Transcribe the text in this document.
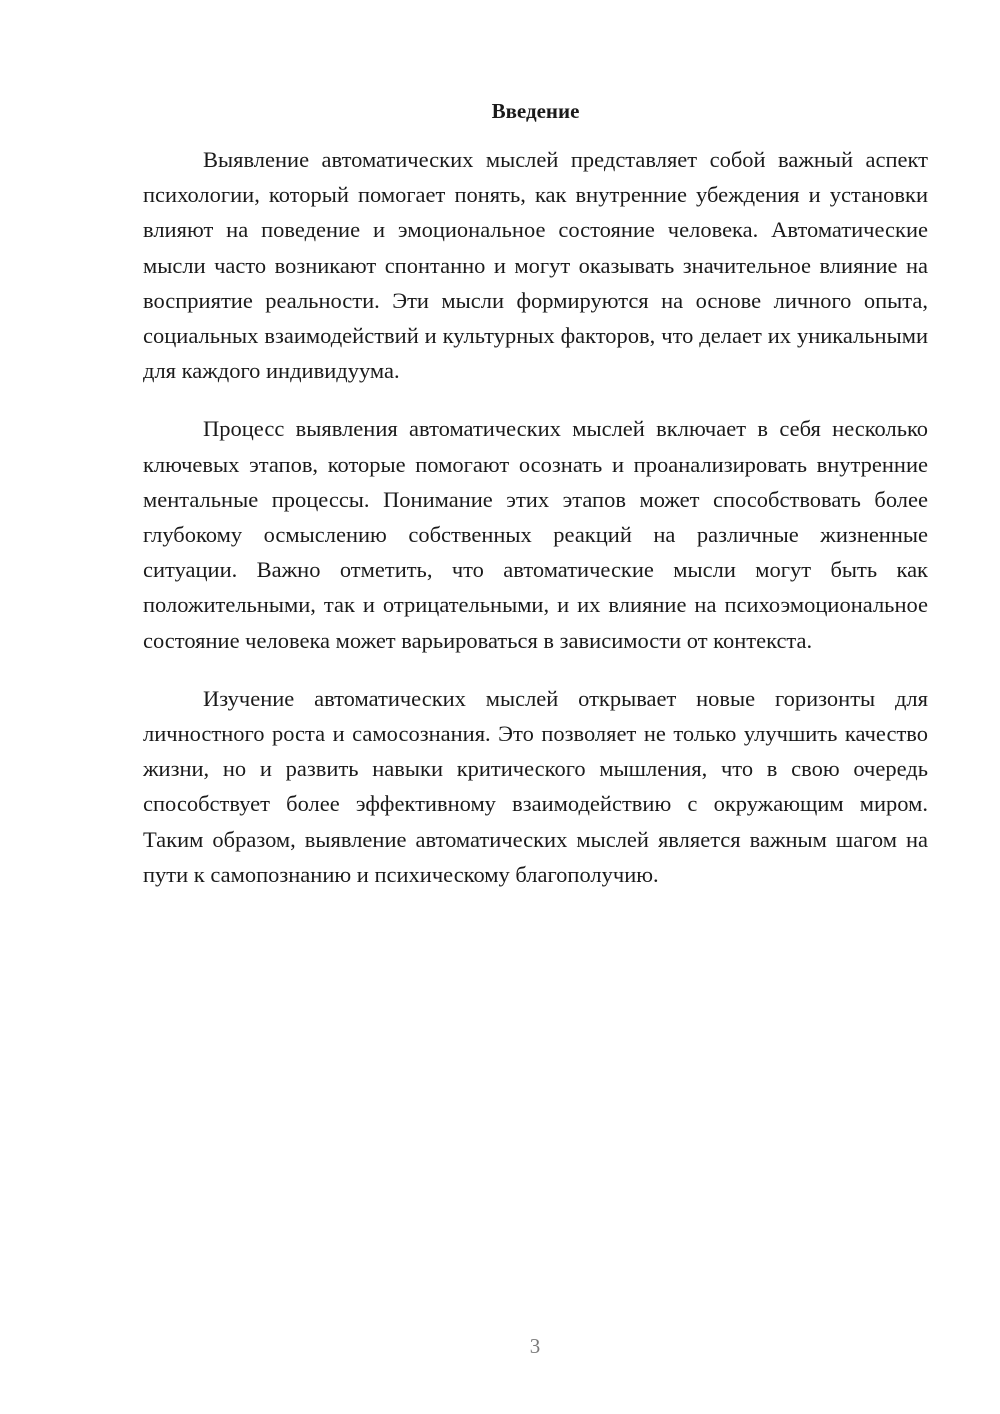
Введение

Выявление автоматических мыслей представляет собой важный аспект психологии, который помогает понять, как внутренние убеждения и установки влияют на поведение и эмоциональное состояние человека. Автоматические мысли часто возникают спонтанно и могут оказывать значительное влияние на восприятие реальности. Эти мысли формируются на основе личного опыта, социальных взаимодействий и культурных факторов, что делает их уникальными для каждого индивидуума.

Процесс выявления автоматических мыслей включает в себя несколько ключевых этапов, которые помогают осознать и проанализировать внутренние ментальные процессы. Понимание этих этапов может способствовать более глубокому осмыслению собственных реакций на различные жизненные ситуации. Важно отметить, что автоматические мысли могут быть как положительными, так и отрицательными, и их влияние на психоэмоциональное состояние человека может варьироваться в зависимости от контекста.

Изучение автоматических мыслей открывает новые горизонты для личностного роста и самосознания. Это позволяет не только улучшить качество жизни, но и развить навыки критического мышления, что в свою очередь способствует более эффективному взаимодействию с окружающим миром. Таким образом, выявление автоматических мыслей является важным шагом на пути к самопознанию и психическому благополучию.

3
